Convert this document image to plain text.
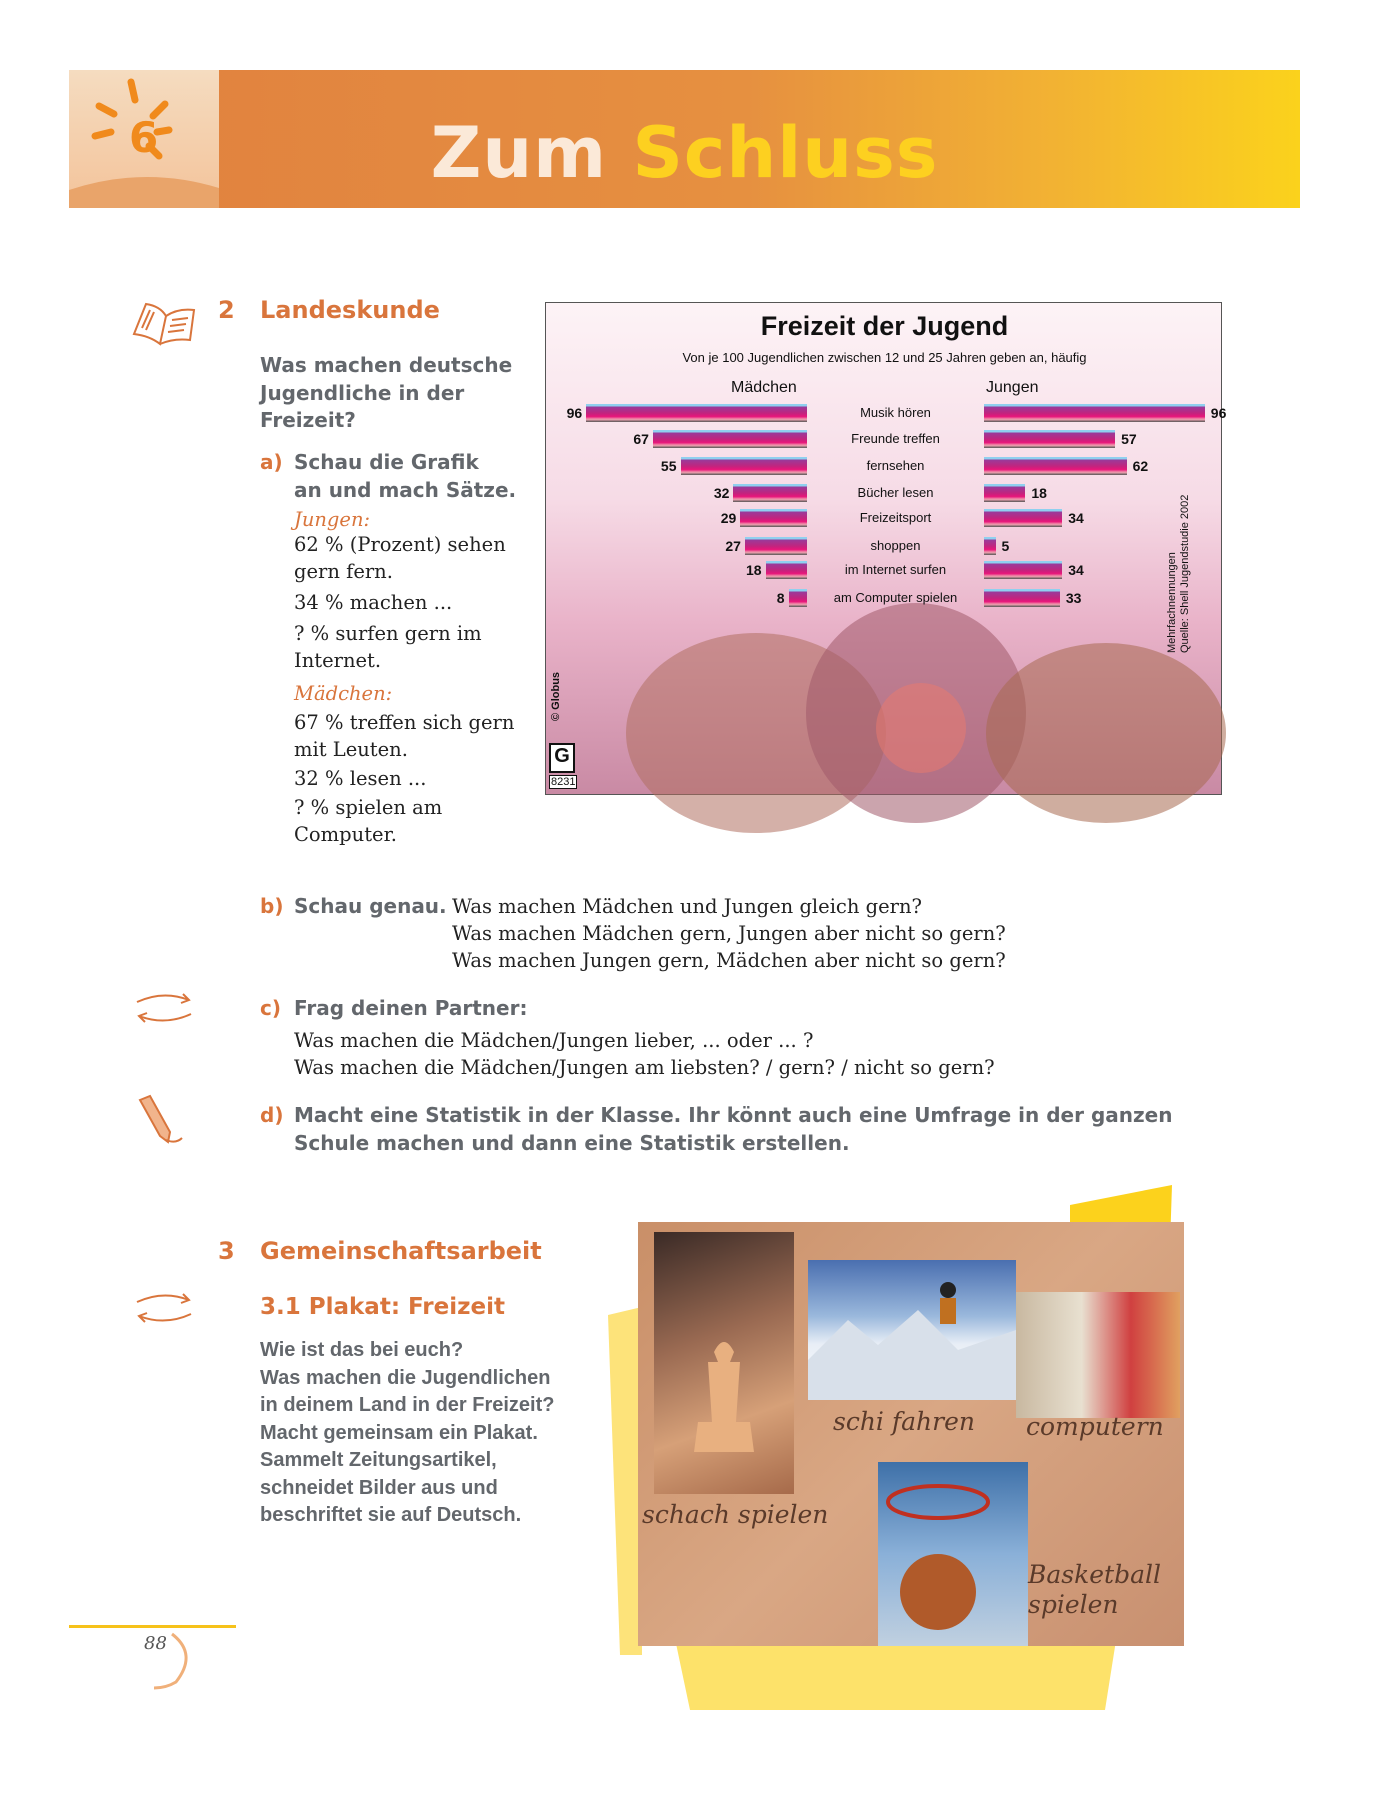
6	Zum Schluss
2 Landeskunde
Was machen deutsche
Jugendliche in der
Freizeit?
a) Schau die Grafik
an und mach Sätze.
Jungen:
62 % (Prozent) sehen
gern fern.
34 % machen ...
? % surfen gern im
Internet.
Mädchen:
67 % treffen sich gern
mit Leuten.
32 % lesen ...
? % spielen am
Computer.
Freizeit der Jugend
Von je 100 Jugendlichen zwischen 12 und 25 Jahren geben an, häufig
Mädchen	Jungen
96	96
Musik hören
67	57
Freunde treffen
55	62
fernsehen
32	18
Bücher lesen
29	34
Freizeitsport
27	5
shoppen
18	34
im Internet surfen
8	33
am Computer spielen	Mehrfachnennungen Quelle: Shell Jugendstudie 2002
© Globus
G
8231
b) Schau genau. Was machen Mädchen und Jungen gleich gern?
Was machen Mädchen gern, Jungen aber nicht so gern?
Was machen Jungen gern, Mädchen aber nicht so gern?
c) Frag deinen Partner:
Was machen die Mädchen/Jungen lieber, ... oder ... ?
Was machen die Mädchen/Jungen am liebsten? / gern? / nicht so gern?
d) Macht eine Statistik in der Klasse. Ihr könnt auch eine Umfrage in der ganzen
Schule machen und dann eine Statistik erstellen.
schi fahren computern
schach spielen
Basketball
spielen
3 Gemeinschaftsarbeit
3.1 Plakat: Freizeit
Wie ist das bei euch?
Was machen die Jugendlichen
in deinem Land in der Freizeit?
Macht gemeinsam ein Plakat.
Sammelt Zeitungsartikel,
schneidet Bilder aus und
beschriftet sie auf Deutsch.
88
